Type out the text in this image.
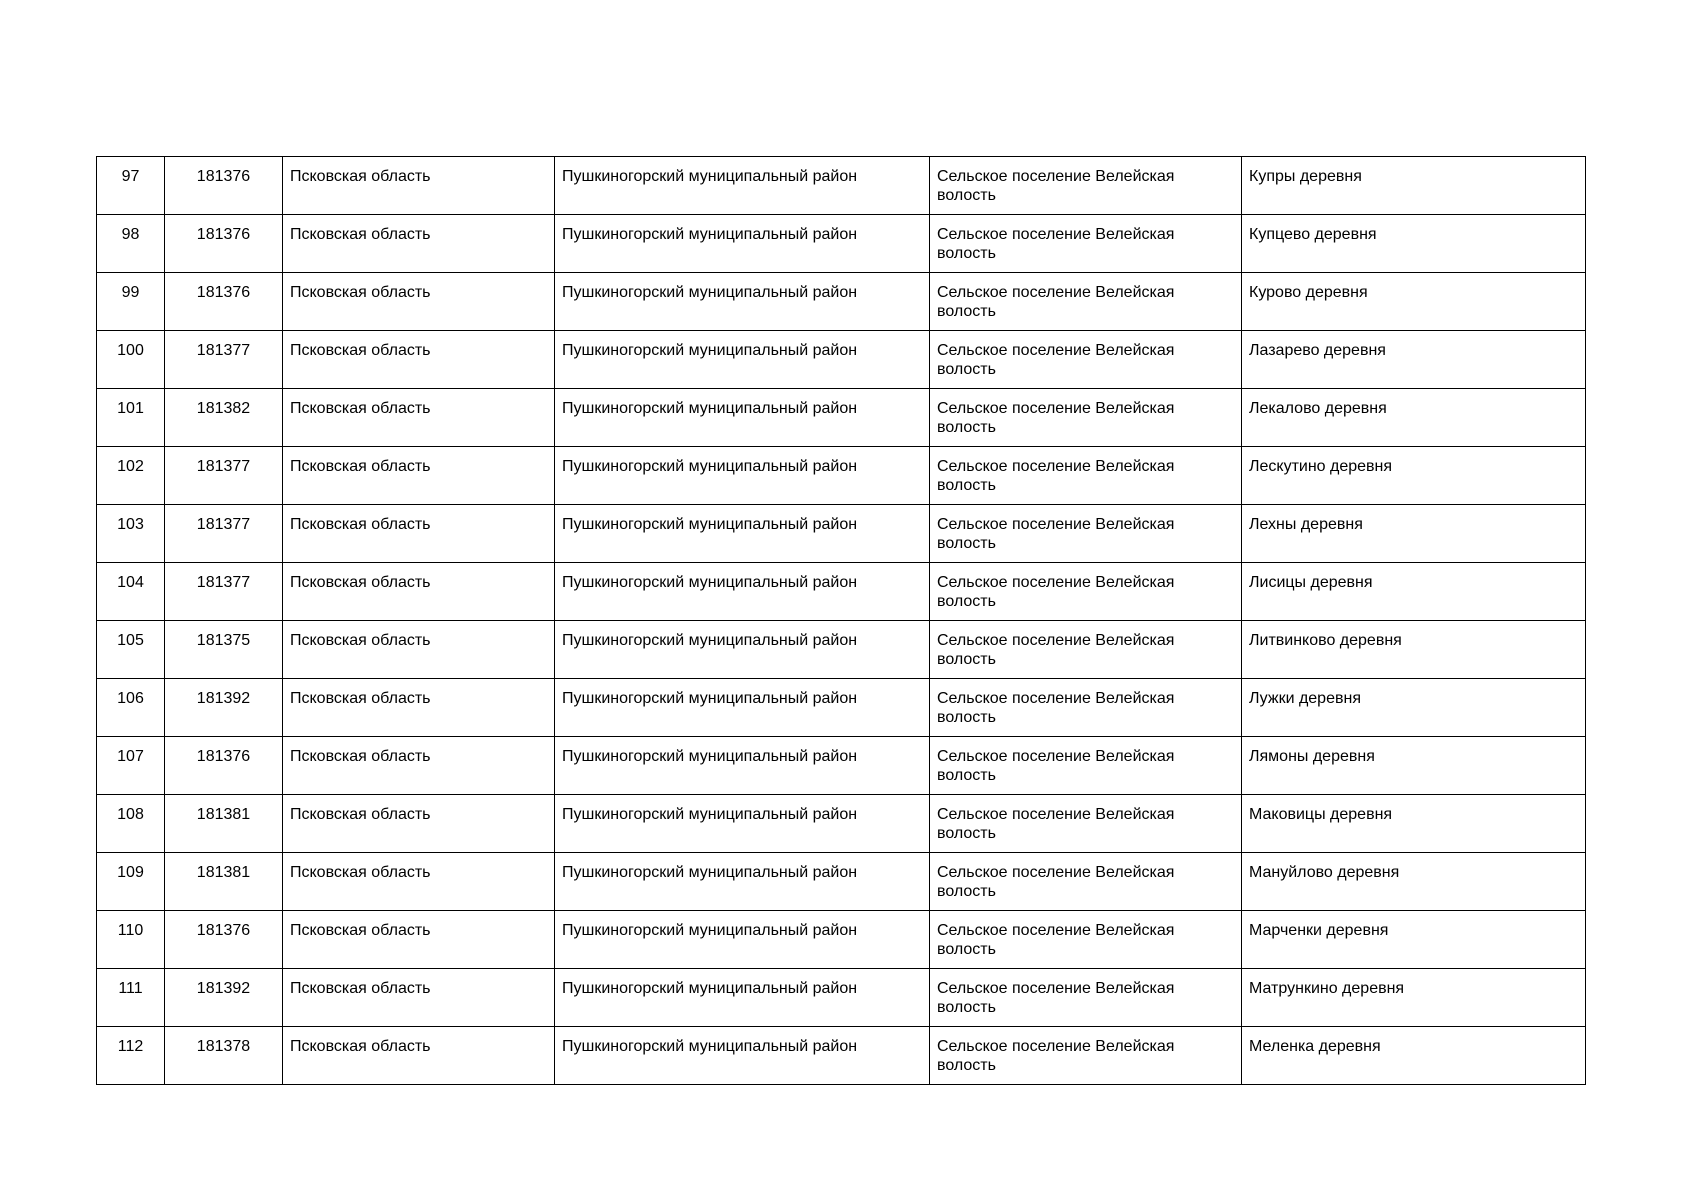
97	181376	Псковская область	Пушкиногорский муниципальный район	Сельское поселение Велейская волость	Купры деревня
98	181376	Псковская область	Пушкиногорский муниципальный район	Сельское поселение Велейская волость	Купцево деревня
99	181376	Псковская область	Пушкиногорский муниципальный район	Сельское поселение Велейская волость	Курово деревня
100	181377	Псковская область	Пушкиногорский муниципальный район	Сельское поселение Велейская волость	Лазарево деревня
101	181382	Псковская область	Пушкиногорский муниципальный район	Сельское поселение Велейская волость	Лекалово деревня
102	181377	Псковская область	Пушкиногорский муниципальный район	Сельское поселение Велейская волость	Лескутино деревня
103	181377	Псковская область	Пушкиногорский муниципальный район	Сельское поселение Велейская волость	Лехны деревня
104	181377	Псковская область	Пушкиногорский муниципальный район	Сельское поселение Велейская волость	Лисицы деревня
105	181375	Псковская область	Пушкиногорский муниципальный район	Сельское поселение Велейская волость	Литвинково деревня
106	181392	Псковская область	Пушкиногорский муниципальный район	Сельское поселение Велейская волость	Лужки деревня
107	181376	Псковская область	Пушкиногорский муниципальный район	Сельское поселение Велейская волость	Лямоны деревня
108	181381	Псковская область	Пушкиногорский муниципальный район	Сельское поселение Велейская волость	Маковицы деревня
109	181381	Псковская область	Пушкиногорский муниципальный район	Сельское поселение Велейская волость	Мануйлово деревня
110	181376	Псковская область	Пушкиногорский муниципальный район	Сельское поселение Велейская волость	Марченки деревня
111	181392	Псковская область	Пушкиногорский муниципальный район	Сельское поселение Велейская волость	Матрункино деревня
112	181378	Псковская область	Пушкиногорский муниципальный район	Сельское поселение Велейская волость	Меленка деревня
